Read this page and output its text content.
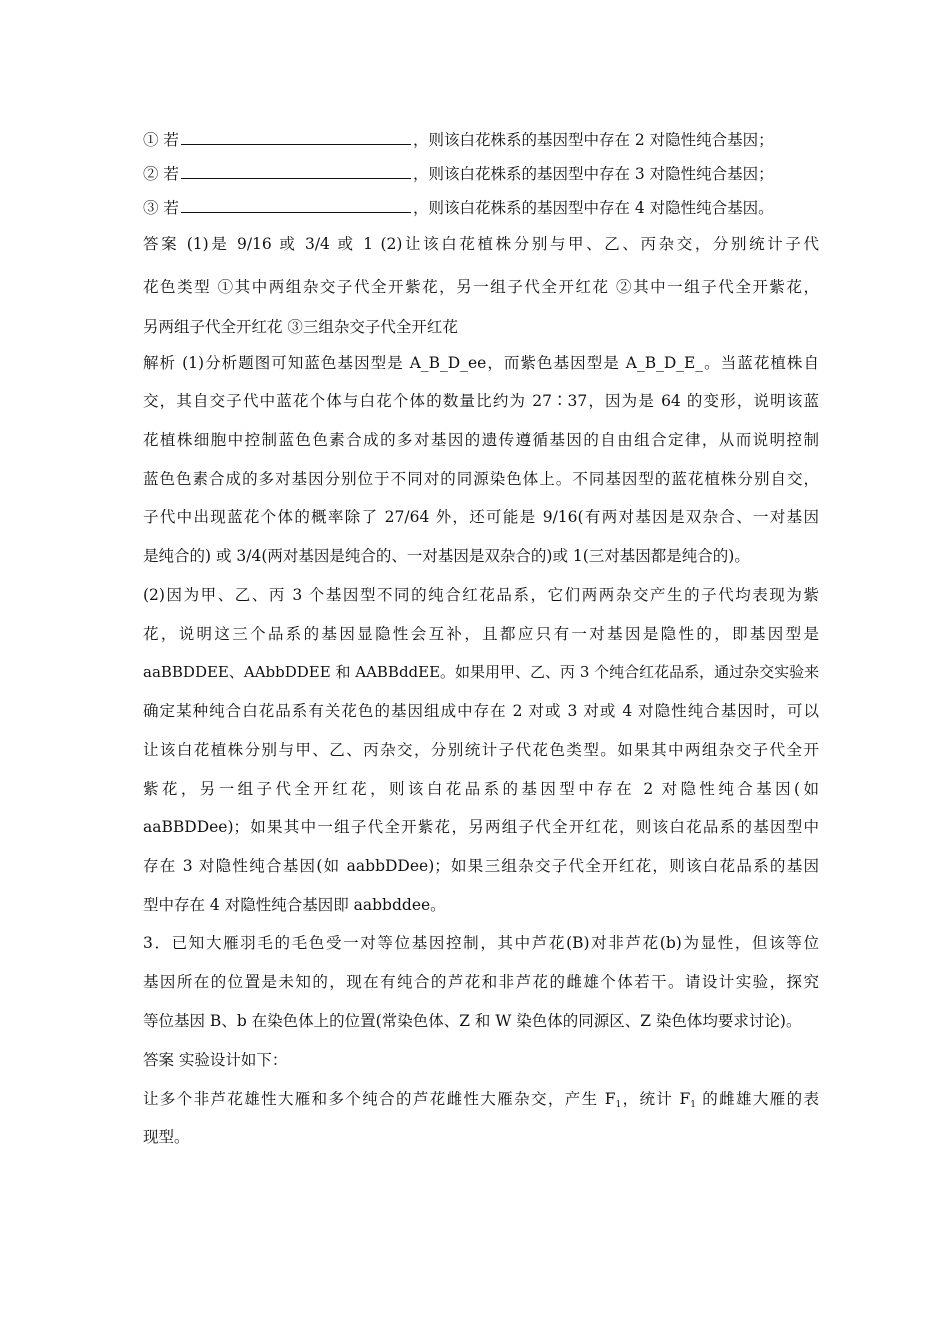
① 若	，则该白花株系的基因型中存在 2 对隐性纯合基因；
② 若	，则该白花株系的基因型中存在 3 对隐性纯合基因；
③ 若	，则该白花株系的基因型中存在 4 对隐性纯合基因。
答案 (1)是 9/16 或 3/4 或 1 (2)让该白花植株分别与甲、乙、丙杂交，分别统计子代
花色类型 ①其中两组杂交子代全开紫花，另一组子代全开红花 ②其中一组子代全开紫花，
另两组子代全开红花 ③三组杂交子代全开红花
解析 (1)分析题图可知蓝色基因型是 A_B_D_ee，而紫色基因型是 A_B_D_E_。当蓝花植株自
交，其自交子代中蓝花个体与白花个体的数量比约为 27∶37，因为是 64 的变形，说明该蓝
花植株细胞中控制蓝色色素合成的多对基因的遗传遵循基因的自由组合定律，从而说明控制
蓝色色素合成的多对基因分别位于不同对的同源染色体上。不同基因型的蓝花植株分别自交，
子代中出现蓝花个体的概率除了 27/64 外，还可能是 9/16(有两对基因是双杂合、一对基因
是纯合的) 或 3/4(两对基因是纯合的、一对基因是双杂合的)或 1(三对基因都是纯合的)。
(2)因为甲、乙、丙 3 个基因型不同的纯合红花品系，它们两两杂交产生的子代均表现为紫
花，说明这三个品系的基因显隐性会互补，且都应只有一对基因是隐性的，即基因型是
aaBBDDEE、AAbbDDEE 和 AABBddEE。如果用甲、乙、丙 3 个纯合红花品系，通过杂交实验来
确定某种纯合白花品系有关花色的基因组成中存在 2 对或 3 对或 4 对隐性纯合基因时，可以
让该白花植株分别与甲、乙、丙杂交，分别统计子代花色类型。如果其中两组杂交子代全开
紫花，另一组子代全开红花，则该白花品系的基因型中存在 2 对隐性纯合基因(如
aaBBDDee)；如果其中一组子代全开紫花，另两组子代全开红花，则该白花品系的基因型中
存在 3 对隐性纯合基因(如 aabbDDee)；如果三组杂交子代全开红花，则该白花品系的基因
型中存在 4 对隐性纯合基因即 aabbddee。
3．已知大雁羽毛的毛色受一对等位基因控制，其中芦花(B)对非芦花(b)为显性，但该等位
基因所在的位置是未知的，现在有纯合的芦花和非芦花的雌雄个体若干。请设计实验，探究
等位基因 B、b 在染色体上的位置(常染色体、Z 和 W 染色体的同源区、Z 染色体均要求讨论)。
答案 实验设计如下：
让多个非芦花雄性大雁和多个纯合的芦花雌性大雁杂交，产生 $F_1$，统计 $F_1$ 的雌雄大雁的表
现型。
